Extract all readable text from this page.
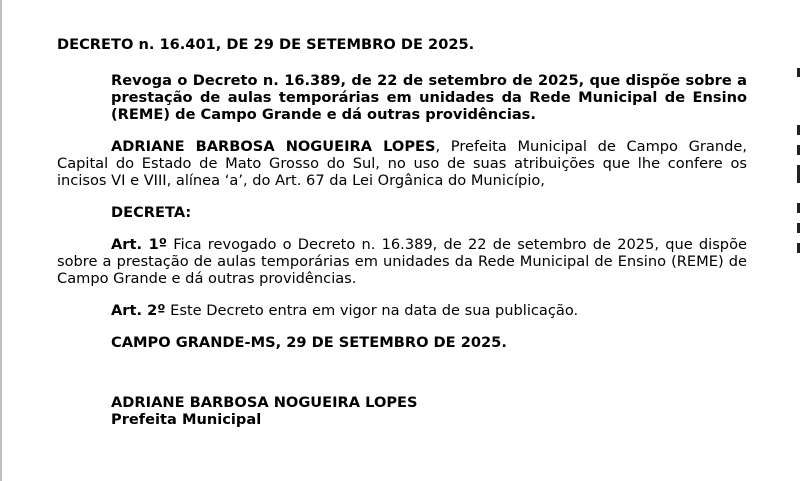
DECRETO n. 16.401, DE 29 DE SETEMBRO DE 2025.

Revoga o Decreto n. 16.389, de 22 de setembro de 2025, que dispõe sobre a prestação de aulas temporárias em unidades da Rede Municipal de Ensino (REME) de Campo Grande e dá outras providências.

ADRIANE BARBOSA NOGUEIRA LOPES, Prefeita Municipal de Campo Grande, Capital do Estado de Mato Grosso do Sul, no uso de suas atribuições que lhe confere os incisos VI e VIII, alínea ‘a’, do Art. 67 da Lei Orgânica do Município,

DECRETA:

Art. 1º Fica revogado o Decreto n. 16.389, de 22 de setembro de 2025, que dispõe sobre a prestação de aulas temporárias em unidades da Rede Municipal de Ensino (REME) de Campo Grande e dá outras providências.

Art. 2º Este Decreto entra em vigor na data de sua publicação.

CAMPO GRANDE-MS, 29 DE SETEMBRO DE 2025.

ADRIANE BARBOSA NOGUEIRA LOPES
Prefeita Municipal
